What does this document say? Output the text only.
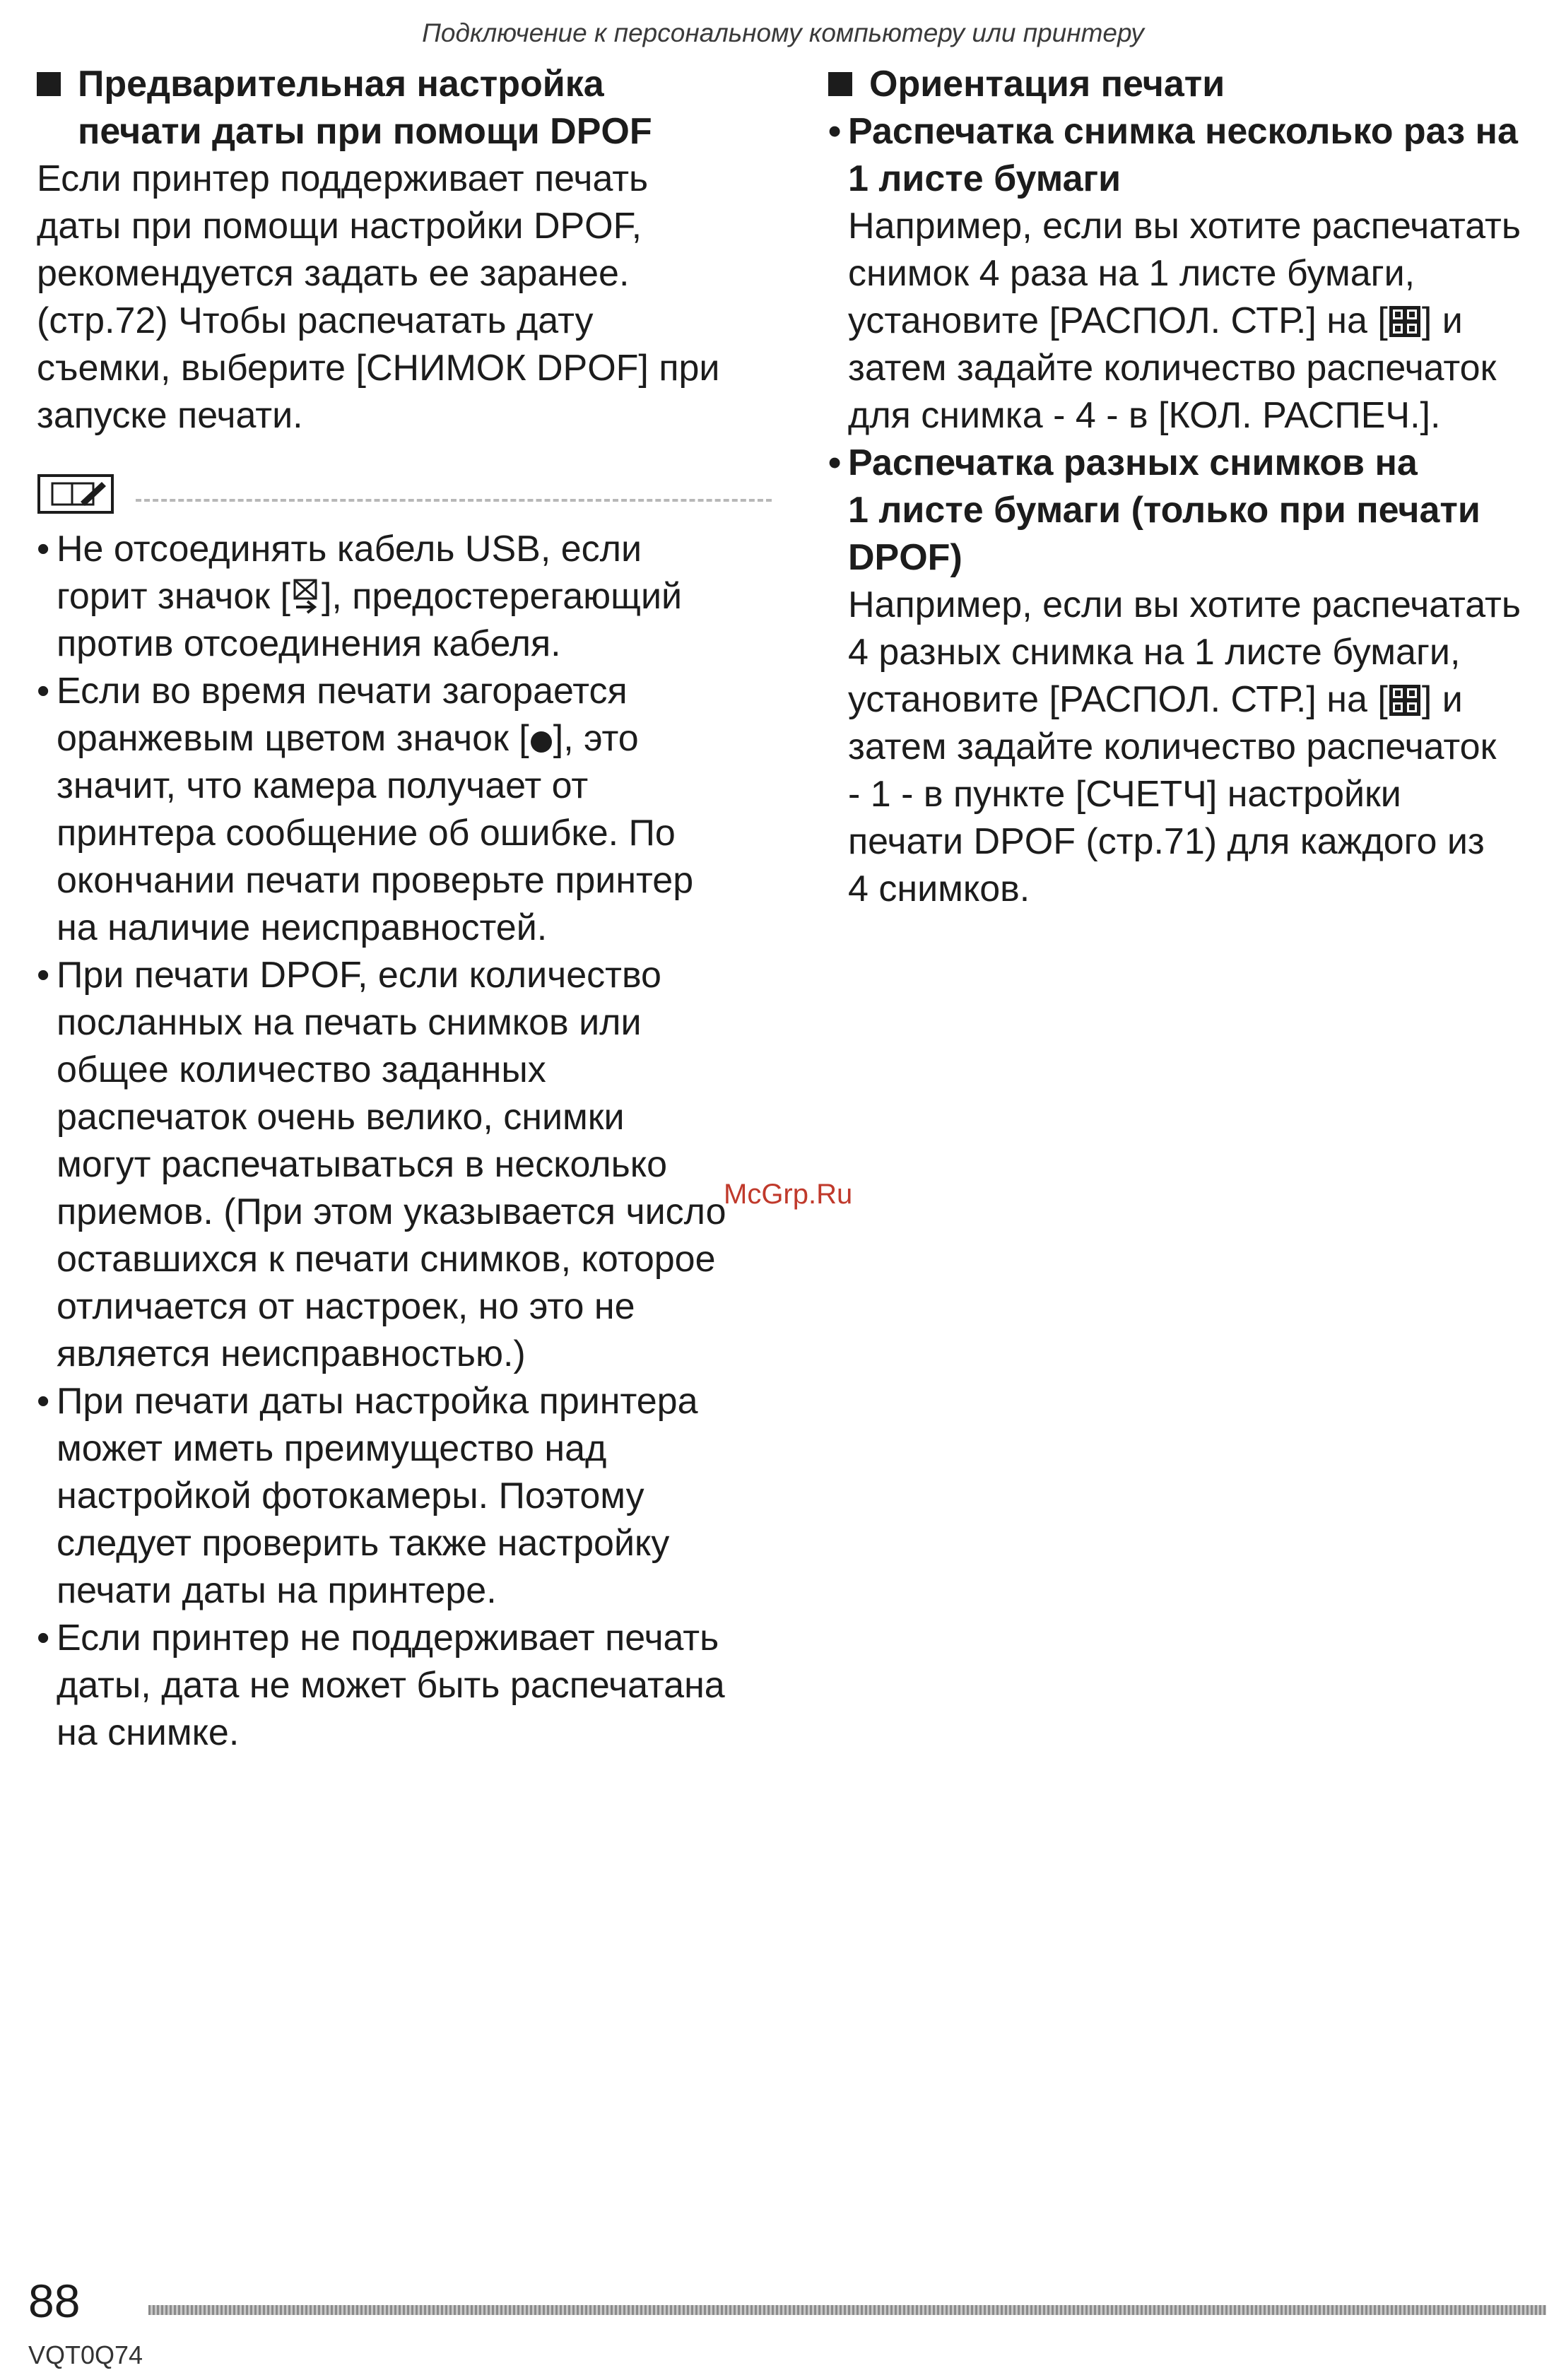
Подключение к персональному компьютеру или принтеру
Предварительная настройка
печати даты при помощи DPOF
Если принтер поддерживает печать
даты при помощи настройки DPOF,
рекомендуется задать ее заранее.
(стр.72) Чтобы распечатать дату
съемки, выберите [СНИМОК DPOF] при
запуске печати.
• Не отсоединять кабель USB, если
горит значок [ ], предостерегающий
против отсоединения кабеля.
• Если во время печати загорается
оранжевым цветом значок [ ], это
значит, что камера получает от
принтера сообщение об ошибке. По
окончании печати проверьте принтер
на наличие неисправностей.
• При печати DPOF, если количество
посланных на печать снимков или
общее количество заданных
распечаток очень велико, снимки
могут распечатываться в несколько
приемов. (При этом указывается число
оставшихся к печати снимков, которое
отличается от настроек, но это не
является неисправностью.)
• При печати даты настройка принтера
может иметь преимущество над
настройкой фотокамеры. Поэтому
следует проверить также настройку
печати даты на принтере.
• Если принтер не поддерживает печать
даты, дата не может быть распечатана
на снимке.
Ориентация печати
• Распечатка снимка несколько раз на
1 листе бумаги
Например, если вы хотите распечатать
снимок 4 раза на 1 листе бумаги,
установите [РАСПОЛ. СТР.] на [ ] и
затем задайте количество распечаток
для снимка - 4 - в [КОЛ. РАСПЕЧ.].
• Распечатка разных снимков на
1 листе бумаги (только при печати
DPOF)
Например, если вы хотите распечатать
4 разных снимка на 1 листе бумаги,
установите [РАСПОЛ. СТР.] на [ ] и
затем задайте количество распечаток
- 1 - в пункте [СЧЕТЧ] настройки
печати DPOF (стр.71) для каждого из
4 снимков.
McGrp.Ru
88
VQT0Q74
